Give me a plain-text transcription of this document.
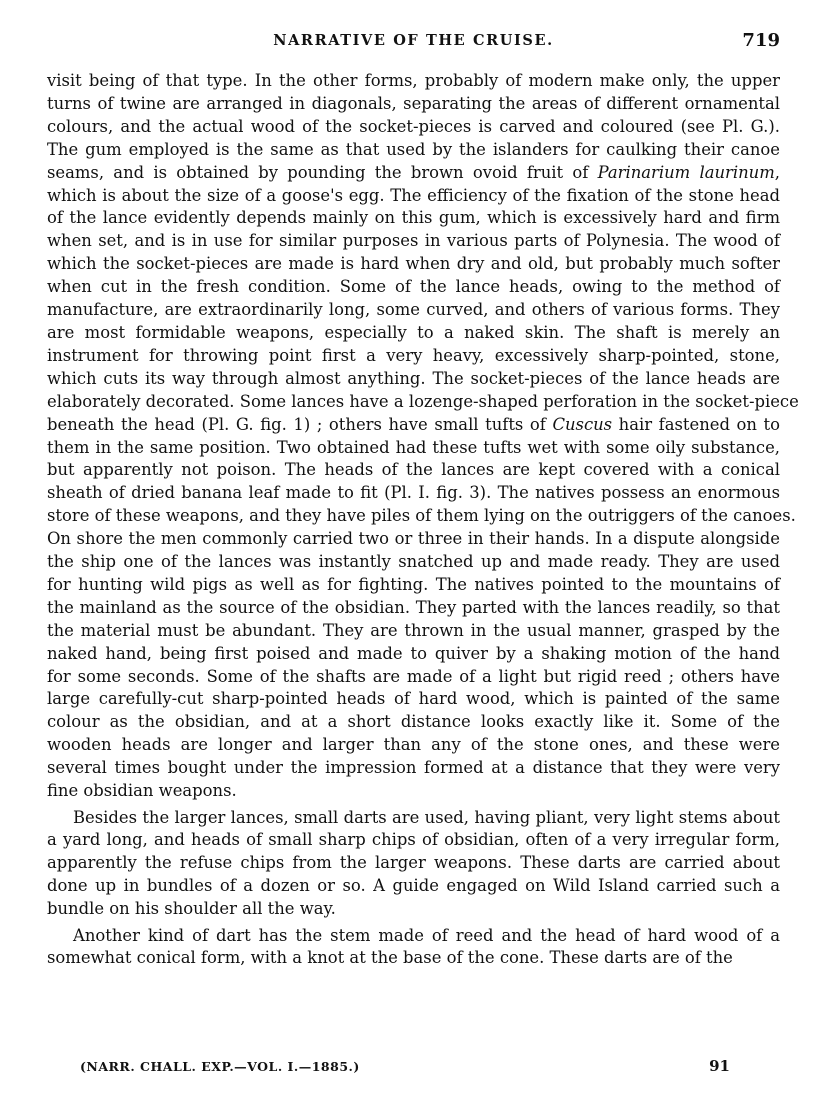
NARRATIVE OF THE CRUISE.	719
visit being of that type. In the other forms, probably of modern make only, the upper
turns of twine are arranged in diagonals, separating the areas of different ornamental
colours, and the actual wood of the socket-pieces is carved and coloured (see Pl. G.).
The gum employed is the same as that used by the islanders for caulking their canoe
seams, and is obtained by pounding the brown ovoid fruit of Parinarium laurinum,
which is about the size of a goose's egg. The efficiency of the fixation of the stone head
of the lance evidently depends mainly on this gum, which is excessively hard and firm
when set, and is in use for similar purposes in various parts of Polynesia. The wood of
which the socket-pieces are made is hard when dry and old, but probably much softer
when cut in the fresh condition. Some of the lance heads, owing to the method of
manufacture, are extraordinarily long, some curved, and others of various forms. They
are most formidable weapons, especially to a naked skin. The shaft is merely an
instrument for throwing point first a very heavy, excessively sharp-pointed, stone,
which cuts its way through almost anything. The socket-pieces of the lance heads are
elaborately decorated. Some lances have a lozenge-shaped perforation in the socket-piece
beneath the head (Pl. G. fig. 1) ; others have small tufts of Cuscus hair fastened on to
them in the same position. Two obtained had these tufts wet with some oily substance,
but apparently not poison. The heads of the lances are kept covered with a conical
sheath of dried banana leaf made to fit (Pl. I. fig. 3). The natives possess an enormous
store of these weapons, and they have piles of them lying on the outriggers of the canoes.
On shore the men commonly carried two or three in their hands. In a dispute alongside
the ship one of the lances was instantly snatched up and made ready. They are used
for hunting wild pigs as well as for fighting. The natives pointed to the mountains of
the mainland as the source of the obsidian. They parted with the lances readily, so that
the material must be abundant. They are thrown in the usual manner, grasped by the
naked hand, being first poised and made to quiver by a shaking motion of the hand
for some seconds. Some of the shafts are made of a light but rigid reed ; others have
large carefully-cut sharp-pointed heads of hard wood, which is painted of the same
colour as the obsidian, and at a short distance looks exactly like it. Some of the
wooden heads are longer and larger than any of the stone ones, and these were
several times bought under the impression formed at a distance that they were very
fine obsidian weapons.
Besides the larger lances, small darts are used, having pliant, very light stems about
a yard long, and heads of small sharp chips of obsidian, often of a very irregular form,
apparently the refuse chips from the larger weapons. These darts are carried about
done up in bundles of a dozen or so. A guide engaged on Wild Island carried such a
bundle on his shoulder all the way.
Another kind of dart has the stem made of reed and the head of hard wood of a
somewhat conical form, with a knot at the base of the cone. These darts are of the
(NARR. CHALL. EXP.—VOL. I.—1885.)	91
